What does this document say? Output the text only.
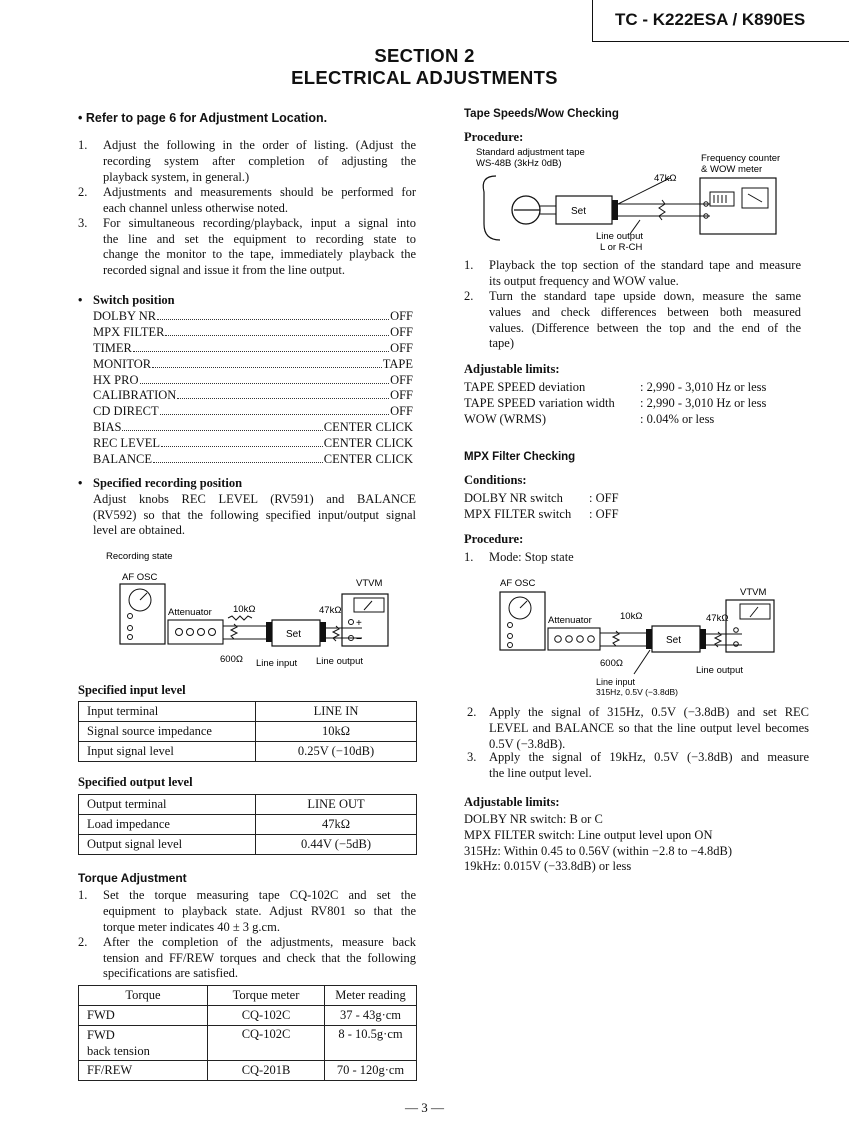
TC - K222ESA / K890ES
SECTION 2
ELECTRICAL ADJUSTMENTS
• Refer to page 6 for Adjustment Location.
1.	Adjust the following in the order of listing. (Adjust the
recording system after completion of adjusting the
playback system, in general.)
2.	Adjustments and measurements should be performed for
each channel unless otherwise noted.
3.	For simultaneous recording/playback, input a signal into
the line and set the equipment to recording state to
change the monitor to the tape, immediately playback the
recorded signal and issue it from the line output.
• Switch position
DOLBY NR	OFF
MPX FILTER	OFF
TIMER	OFF
MONITOR	TAPE
HX PRO	OFF
CALIBRATION	OFF
CD DIRECT	OFF
BIAS	CENTER CLICK
REC LEVEL	CENTER CLICK
BALANCE	CENTER CLICK
• Specified recording position
Adjust knobs REC LEVEL (RV591) and BALANCE
(RV592) so that the following specified input/output signal
level are obtained.
Recording state
AF OSC
Attenuator 10kΩ
Set
47kΩ
VTVM
+
−
600Ω Line input Line output
Specified input level
Input terminal	LINE IN
Signal source impedance	10kΩ
Input signal level	0.25V (−10dB)
Specified output level
Output terminal	LINE OUT
Load impedance	47kΩ
Output signal level	0.44V (−5dB)
Torque Adjustment
1.	Set the torque measuring tape CQ-102C and set the
equipment to playback state. Adjust RV801 so that the
torque meter indicates 40 ± 3 g.cm.
2.	After the completion of the adjustments, measure back
tension and FF/REW torques and check that the following
specifications are satisfied.
Torque	Torque meter	Meter reading
FWD	CQ-102C	37 - 43g·cm

FWD
back tension	CQ-102C	8 - 10.5g·cm
FF/REW	CQ-201B	70 - 120g·cm
Tape Speeds/Wow Checking
Procedure:
Standard adjustment tape
WS-48B (3kHz 0dB)	Frequency counter
& WOW meter
Set
47kΩ
Line output
L or R-CH
1.	Playback the top section of the standard tape and measure
its output frequency and WOW value.
2.	Turn the standard tape upside down, measure the same
values and check differences between both measured
values. (Difference between the top and the end of the
tape)
Adjustable limits:
TAPE SPEED deviation	: 2,990 - 3,010 Hz or less
TAPE SPEED variation width : 2,990 - 3,010 Hz or less
WOW (WRMS)	: 0.04% or less
MPX Filter Checking
Conditions:
DOLBY NR switch : OFF
MPX FILTER switch : OFF
Procedure:
1.	Mode: Stop state
AF OSC
Attenuator	10kΩ
Set
47kΩ
VTVM
600Ω
Line output
Line input
315Hz, 0.5V (−3.8dB)
2.	Apply the signal of 315Hz, 0.5V (−3.8dB) and set REC
LEVEL and BALANCE so that the line output level becomes
0.5V (−3.8dB).
3.	Apply the signal of 19kHz, 0.5V (−3.8dB) and measure
the line output level.
Adjustable limits:
DOLBY NR switch: B or C
MPX FILTER switch: Line output level upon ON
315Hz: Within 0.45 to 0.56V (within −2.8 to −4.8dB)
19kHz: 0.015V (−33.8dB) or less
— 3 —
